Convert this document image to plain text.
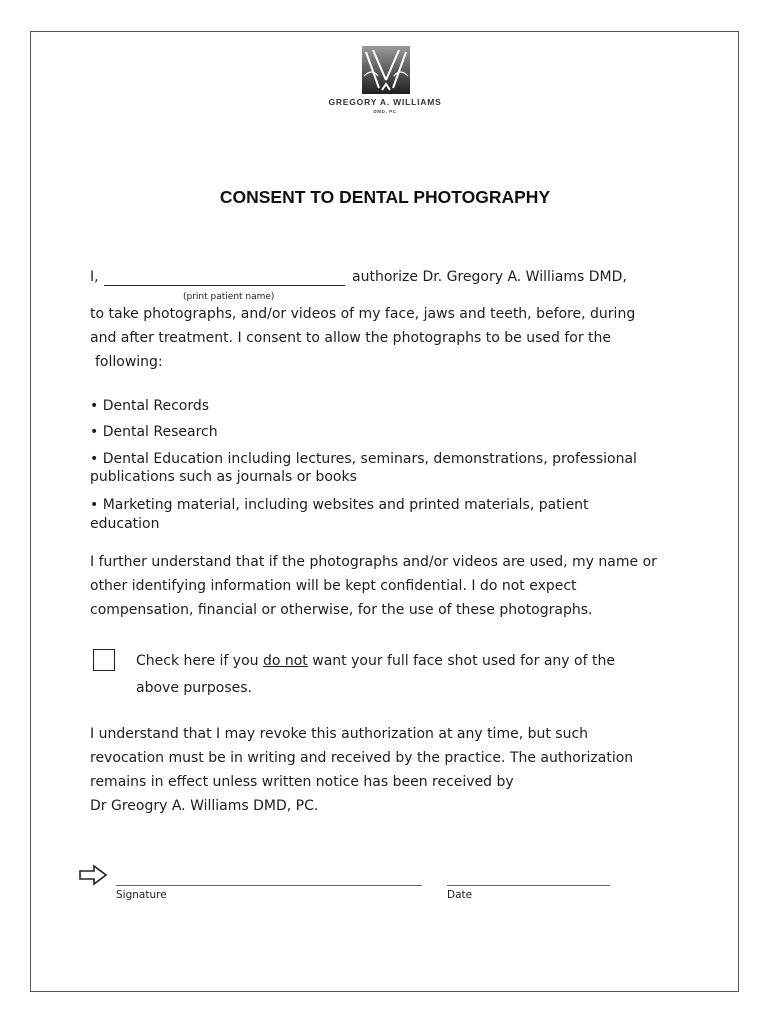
GREGORY A. WILLIAMS
DMD, PC
CONSENT TO DENTAL PHOTOGRAPHY
I,	authorize Dr. Gregory A. Williams DMD,
(print patient name)
to take photographs, and/or videos of my face, jaws and teeth, before, during
and after treatment. I consent to allow the photographs to be used for the
following:
• Dental Records
• Dental Research
• Dental Education including lectures, seminars, demonstrations, professional
publications such as journals or books
• Marketing material, including websites and printed materials, patient
education
I further understand that if the photographs and/or videos are used, my name or
other identifying information will be kept confidential. I do not expect
compensation, financial or otherwise, for the use of these photographs.
Check here if you do not want your full face shot used for any of the
above purposes.
I understand that I may revoke this authorization at any time, but such
revocation must be in writing and received by the practice. The authorization
remains in effect unless written notice has been received by
Dr Greogry A. Williams DMD, PC.
Signature	Date
